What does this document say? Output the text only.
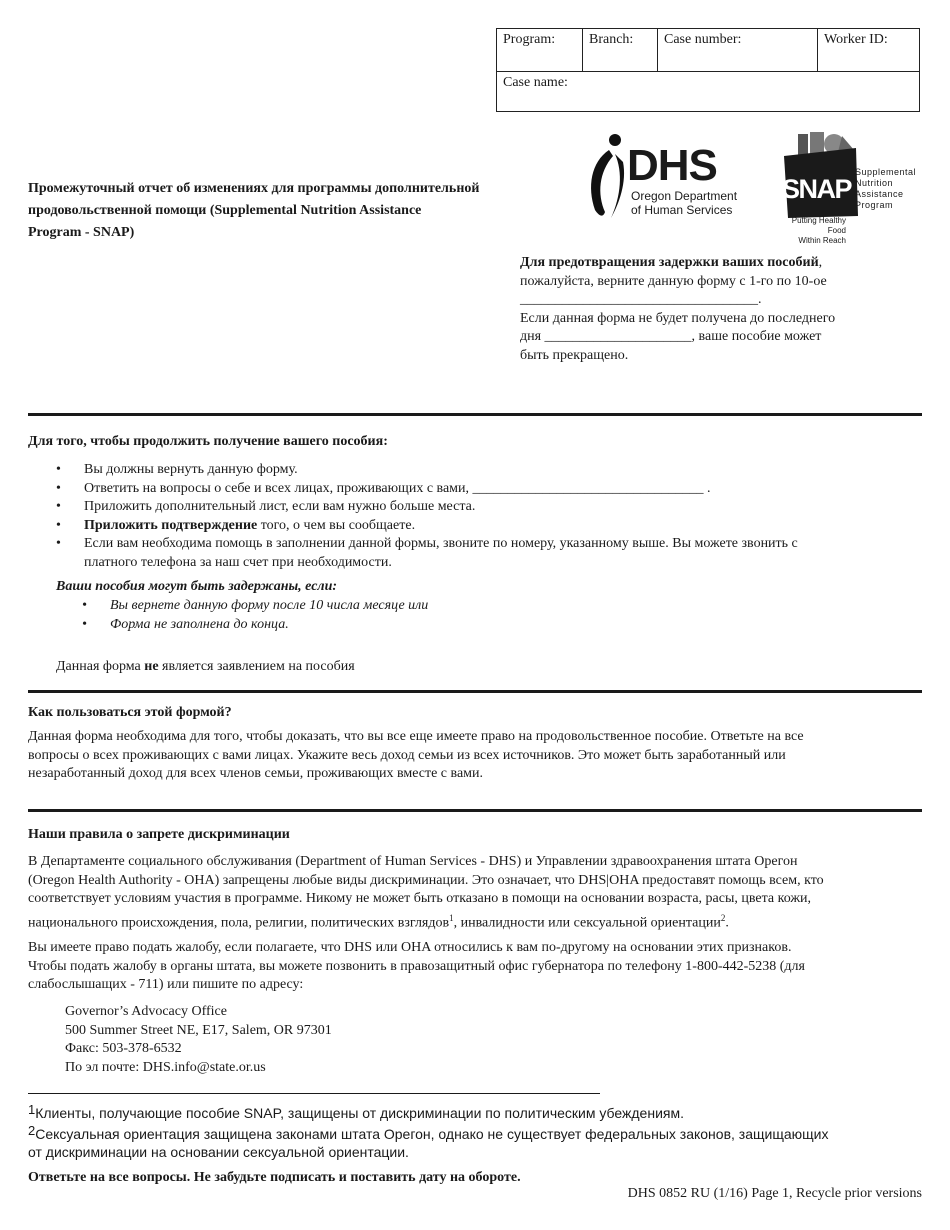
Program:	Branch:	Case number:	Worker ID:
Case name:
DHS
Oregon Department
of Human Services
SNAP
Supplemental
Nutrition
Assistance
Program
Putting Healthy Food
Within Reach
Промежуточный отчет об изменениях для программы дополнительной
продовольственной помощи (Supplemental Nutrition Assistance
Program - SNAP)
Для предотвращения задержки ваших пособий,
пожалуйста, верните данную форму с 1-го по 10-ое
__________________________________.
Если данная форма не будет получена до последнего
дня _____________________, ваше пособие может
быть прекращено.
Для того, чтобы продолжить получение вашего пособия:
• Вы должны вернуть данную форму.
• Ответить на вопросы о себе и всех лицах, проживающих с вами, _________________________________ .
• Приложить дополнительный лист, если вам нужно больше места.
• Приложить подтверждение того, о чем вы сообщаете.
• Если вам необходима помощь в заполнении данной формы, звоните по номеру, указанному выше. Вы можете звонить с
платного телефона за наш счет при необходимости.
Ваши пособия могут быть задержаны, если:
• Вы вернете данную форму после 10 числа месяце или
• Форма не заполнена до конца.
Данная форма не является заявлением на пособия
Как пользоваться этой формой?
Данная форма необходима для того, чтобы доказать, что вы все еще имеете право на продовольственное пособие. Ответьте на все
вопросы о всех проживающих с вами лицах. Укажите весь доход семьи из всех источников. Это может быть заработанный или
незаработанный доход для всех членов семьи, проживающих вместе с вами.
Наши правила о запрете дискриминации
В Департаменте социального обслуживания (Department of Human Services - DHS) и Управлении здравоохранения штата Орегон
(Oregon Health Authority - OHA) запрещены любые виды дискриминации. Это означает, что DHS|OHA предоставят помощь всем, кто
соответствует условиям участия в программе. Никому не может быть отказано в помощи на основании возраста, расы, цвета кожи,
национального происхождения, пола, религии, политических взглядов$^1$, инвалидности или сексуальной ориентации$^2$.
Вы имеете право подать жалобу, если полагаете, что DHS или OHA относились к вам по-другому на основании этих признаков.
Чтобы подать жалобу в органы штата, вы можете позвонить в правозащитный офис губернатора по телефону 1-800-442-5238 (для
слабослышащих - 711) или пишите по адресу:
Governor’s Advocacy Office
500 Summer Street NE, E17, Salem, OR 97301
Факс: 503-378-6532
По эл почте: DHS.info@state.or.us
$^1$Клиенты, получающие пособие SNAP, защищены от дискриминации по политическим убеждениям.
$^2$Сексуальная ориентация защищена законами штата Орегон, однако не существует федеральных законов, защищающих
от дискриминации на основании сексуальной ориентации.
Ответьте на все вопросы. Не забудьте подписать и поставить дату на обороте.
DHS 0852 RU (1/16) Page 1, Recycle prior versions
